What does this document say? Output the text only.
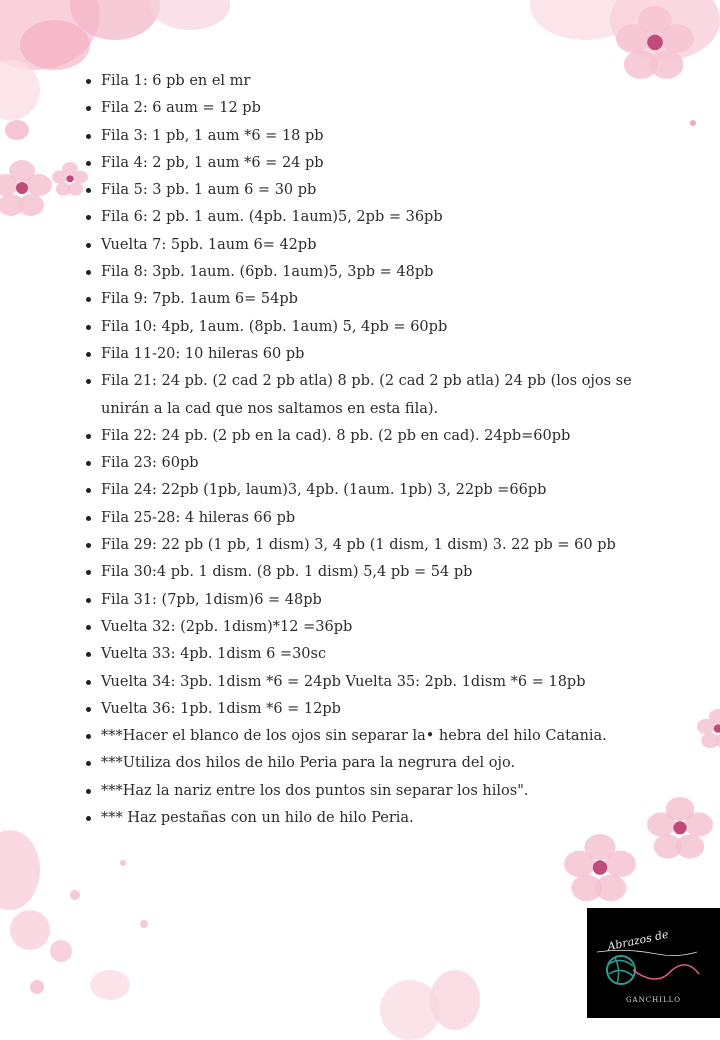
Fila 1: 6 pb en el mr
Fila 2: 6 aum = 12 pb
Fila 3: 1 pb, 1 aum *6 = 18 pb
Fila 4: 2 pb, 1 aum *6 = 24 pb
Fila 5: 3 pb. 1 aum 6 = 30 pb
Fila 6: 2 pb. 1 aum. (4pb. 1aum)5, 2pb = 36pb
Vuelta 7: 5pb. 1aum 6= 42pb
Fila 8: 3pb. 1aum. (6pb. 1aum)5, 3pb = 48pb
Fila 9: 7pb. 1aum 6= 54pb
Fila 10: 4pb, 1aum. (8pb. 1aum) 5, 4pb = 60pb
Fila 11-20: 10 hileras 60 pb
Fila 21: 24 pb. (2 cad 2 pb atla) 8 pb. (2 cad 2 pb atla) 24 pb (los ojos se unirán a la cad que nos saltamos en esta fila).
Fila 22: 24 pb. (2 pb en la cad). 8 pb. (2 pb en cad). 24pb=60pb
Fila 23: 60pb
Fila 24: 22pb (1pb, laum)3, 4pb. (1aum. 1pb) 3, 22pb =66pb
Fila 25-28: 4 hileras 66 pb
Fila 29: 22 pb (1 pb, 1 dism) 3, 4 pb (1 dism, 1 dism) 3. 22 pb = 60 pb
Fila 30:4 pb. 1 dism. (8 pb. 1 dism) 5,4 pb = 54 pb
Fila 31: (7pb, 1dism)6 = 48pb
Vuelta 32: (2pb. 1dism)*12 =36pb
Vuelta 33: 4pb. 1dism 6 =30sc
Vuelta 34: 3pb. 1dism *6 = 24pb Vuelta 35: 2pb. 1dism *6 = 18pb
Vuelta 36: 1pb. 1dism *6 = 12pb
***Hacer el blanco de los ojos sin separar la• hebra del hilo Catania.
***Utiliza dos hilos de hilo Peria para la negrura del ojo.
***Haz la nariz entre los dos puntos sin separar los hilos".
*** Haz pestañas con un hilo de hilo Peria.
Abrazos de
GANCHILLO
